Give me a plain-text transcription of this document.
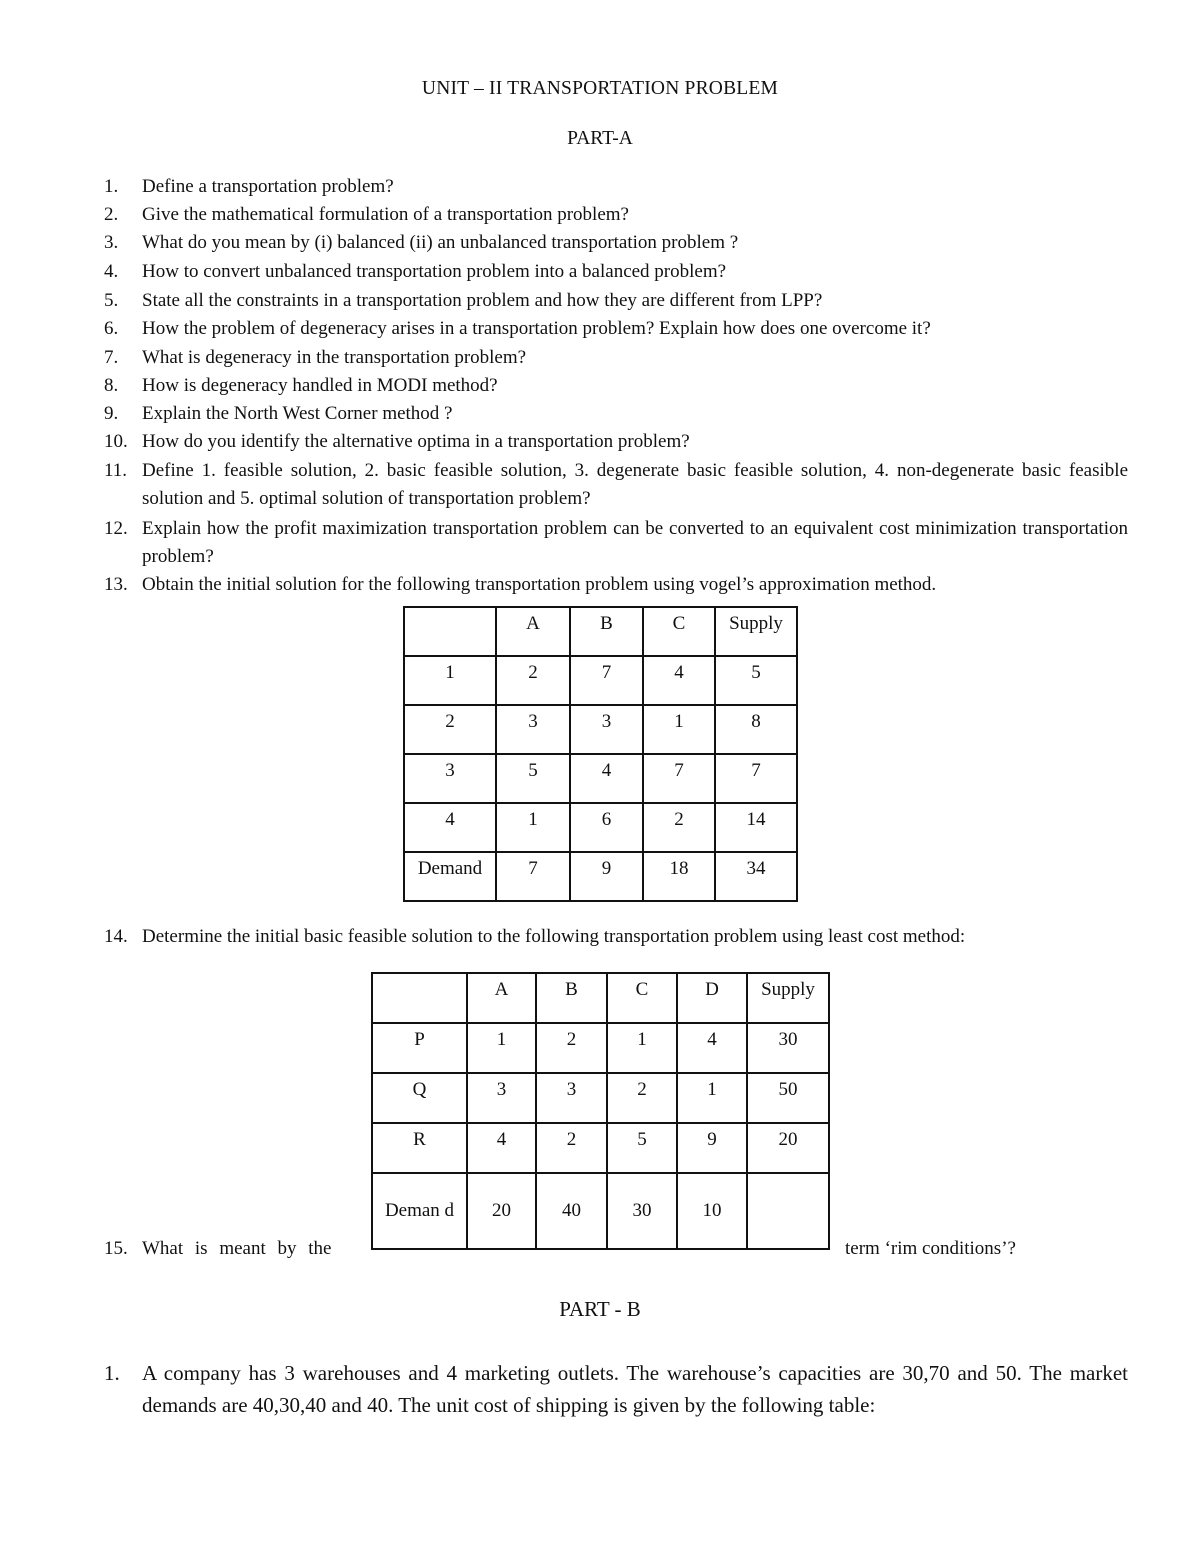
UNIT – II TRANSPORTATION PROBLEM
PART-A
1.	Define a transportation problem?
2.	Give the mathematical formulation of a transportation problem?
3.	What do you mean by (i) balanced (ii) an unbalanced transportation problem ?
4.	How to convert unbalanced transportation problem into a balanced problem?
5.	State all the constraints in a transportation problem and how they are different from LPP?
6.	How the problem of degeneracy arises in a transportation problem? Explain how does one overcome it?
7.	What is degeneracy in the transportation problem?
8.	How is degeneracy handled in MODI method?
9.	Explain the North West Corner method ?
10. How do you identify the alternative optima in a transportation problem?
11. Define 1. feasible solution, 2. basic feasible solution, 3. degenerate basic feasible solution, 4. non-degenerate basic feasible solution and 5. optimal solution of transportation problem?
12. Explain how the profit maximization transportation problem can be converted to an equivalent cost minimization transportation problem?
13. Obtain the initial solution for the following transportation problem using vogel’s approximation method.
	A	B	C	Supply
1	2	7	4	5
2	3	3	1	8
3	5	4	7	7
4	1	6	2	14
Demand	7	9	18	34
14. Determine the initial basic feasible solution to the following transportation problem using least cost method:
	A	B	C	D	Supply
P	1	2	1	4	30
Q	3	3	2	1	50
R	4	2	5	9	20
Deman d	20	40	30	10	
15. What is meant by the	term ‘rim conditions’?
PART - B
1. A company has 3 warehouses and 4 marketing outlets. The warehouse’s capacities are 30,70 and 50. The market demands are 40,30,40 and 40. The unit cost of shipping is given by the following table:
